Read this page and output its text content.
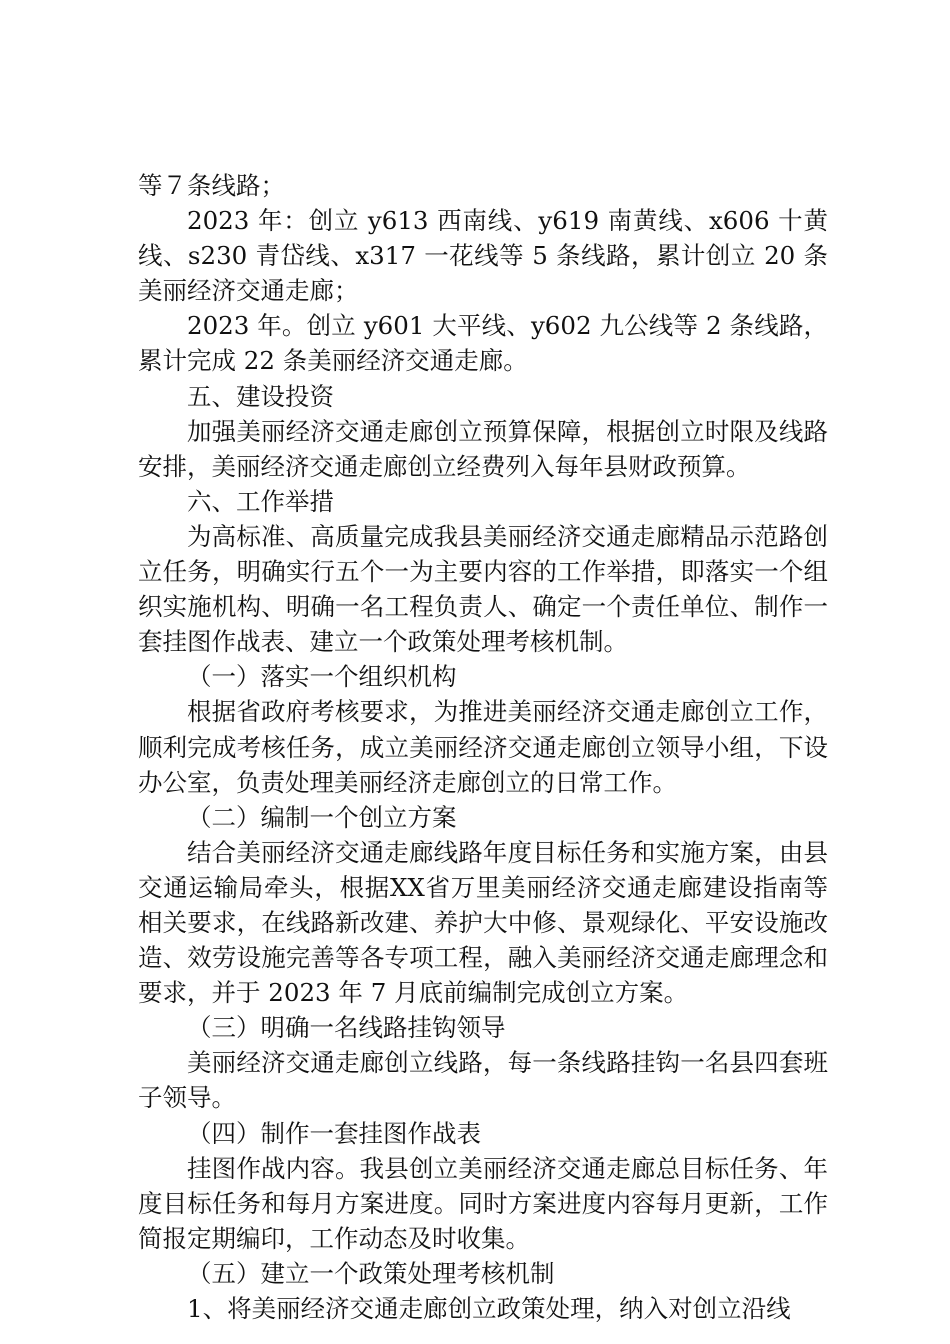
等７条线路；

2023 年：创立 y613 西南线、y619 南黄线、x606 十黄线、s230 青岱线、x317 一花线等 5 条线路，累计创立 20 条美丽经济交通走廊；

2023 年。创立 y601 大平线、y602 九公线等 2 条线路，累计完成 22 条美丽经济交通走廊。

五、建设投资

加强美丽经济交通走廊创立预算保障，根据创立时限及线路安排，美丽经济交通走廊创立经费列入每年县财政预算。

六、工作举措

为高标准、高质量完成我县美丽经济交通走廊精品示范路创立任务，明确实行五个一为主要内容的工作举措，即落实一个组织实施机构、明确一名工程负责人、确定一个责任单位、制作一套挂图作战表、建立一个政策处理考核机制。

（一）落实一个组织机构

根据省政府考核要求，为推进美丽经济交通走廊创立工作，顺利完成考核任务，成立美丽经济交通走廊创立领导小组，下设办公室，负责处理美丽经济走廊创立的日常工作。

（二）编制一个创立方案

结合美丽经济交通走廊线路年度目标任务和实施方案，由县交通运输局牵头，根据XX省万里美丽经济交通走廊建设指南等相关要求，在线路新改建、养护大中修、景观绿化、平安设施改造、效劳设施完善等各专项工程，融入美丽经济交通走廊理念和要求，并于 2023 年 7 月底前编制完成创立方案。

（三）明确一名线路挂钩领导

美丽经济交通走廊创立线路，每一条线路挂钩一名县四套班子领导。

（四）制作一套挂图作战表

挂图作战内容。我县创立美丽经济交通走廊总目标任务、年度目标任务和每月方案进度。同时方案进度内容每月更新，工作简报定期编印，工作动态及时收集。

（五）建立一个政策处理考核机制

1、将美丽经济交通走廊创立政策处理，纳入对创立沿线
